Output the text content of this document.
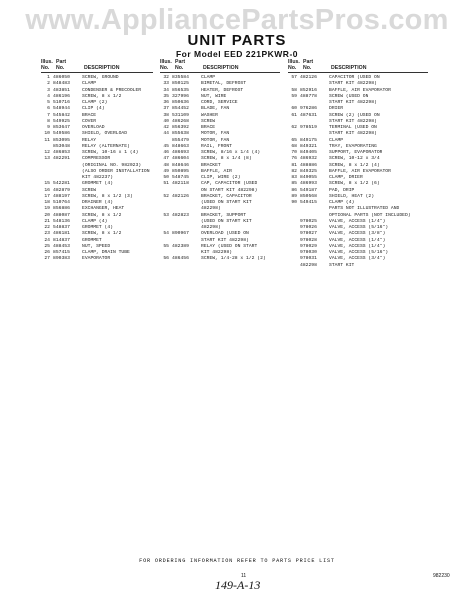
www.AppliancePartsPros.com
UNIT PARTS
For Model EED 221PKWR-0
Illus. Part
No.	No.	DESCRIPTION
1 486050	SCREW, GROUND
2 848483	CLAMP
3 483851	CONDENSER & PRECOOLER
4 486196	SCREW, 8 x 1/2
5 510716	CLAMP (2)
6 548944	CLIP (4)
7 545842	BRACE
8 549925	COVER
9 853647	OVERLOAD
10 549586	SHIELD, OVERLOAD
11 853095	RELAY
853048	RELAY (ALTERNATE)
12 486853	SCREW, 10-16 x 1 (4)
13 482291	COMPRESSOR
(ORIGINAL NO. 982023)
(ALSO ORDER INSTALLATION
KIT 482237)
15 542281	GROMMET (4)
16 482879	SCREW
17 488197	SCREW, 8 x 1/2 (3)
18 510764	DRAINER (4)
19 856886	EXCHANGER, HEAT
20 488087	SCREW, 8 x 1/2
21 548136	CLAMP (4)
22 548837	GROMMET (4)
23 486181	SCREW, 8 x 1/2
24 814837	GROMMET
25 488453	NUT, SPEED
26 857415	CLAMP, DRAIN TUBE
27 890383	EVAPORATOR
Illus. Part
No.	No.	DESCRIPTION
32 835584	CLAMP
33 850125	BIMETAL, DEFROST
34 856535	HEATER, DEFROST
35 327996	NUT, WIRE
36 850636	CORD, SERVICE
37 854452	BLADE, FAN
38 531109	WASHER
40 486268	SCREW
42 856392	BRACE
44 855638	MOTOR, FAN
855479	MOTOR, FAN
45 848663	RAIL, FRONT
46 486693	SCREW, 8/16 x 1/4 (4)
47 486604	SCREW, 8 x 1/4 (8)
48 848646	BRACKET
49 850895	BAFFLE, AIR
50 548745	CLIP, WIRE (2)
51 482118	CAP, CAPACITOR (USED
ON START KIT 482298)
52 482126	BRACKET, CAPACITOR
(USED ON START KIT
482298)
53 482823	BRACKET, SUPPORT
(USED ON START KIT
482298)
54 890967	OVERLOAD (USED ON
START KIT 482298)
55 482389	RELAY (USED ON START
KIT 482298)
56 486456	SCREW, 1/4-28 x 1/2 (2)
Illus. Part
No.	No.	DESCRIPTION
57 482126	CAPACITOR (USED ON
START KIT 482298)
58 852916	BAFFLE, AIR EVAPORATOR
59 488778	SCREW (USED ON
START KIT 482298)
60 976286	DRIER
61 487631	SCREW (2) (USED ON
START KIT 482298)
62 978519	TERMINAL (USED ON
START KIT 482298)
65 849175	CLAMP
68 849321	TRAY, EVAPORATING
70 849405	SUPPORT, EVAPORATOR
76 486932	SCREW, 10-12 x 3/4
81 488886	SCREW, 8 x 1/2 (4)
82 849325	BAFFLE, AIR EVAPORATOR
83 849055	CLAMP, DRIER
85 486993	SCREW, 8 x 1/2 (6)
86 549187	PAD, DRIP
89 850568	SHIELD, HEAT (2)
90 549415	CLAMP (4)
PARTS NOT ILLUSTRATED AND
OPTIONAL PARTS (NOT INCLUDED)
978025	VALVE, ACCESS (1/4")
978026	VALVE, ACCESS (5/16")
978027	VALVE, ACCESS (3/8")
978028	VALVE, ACCESS (1/4")
978029	VALVE, ACCESS (1/4")
978030	VALVE, ACCESS (5/16")
978031	VALVE, ACCESS (3/4")
482298	START KIT
FOR ORDERING INFORMATION REFER TO PARTS PRICE LIST
11	982230
149-A-13
